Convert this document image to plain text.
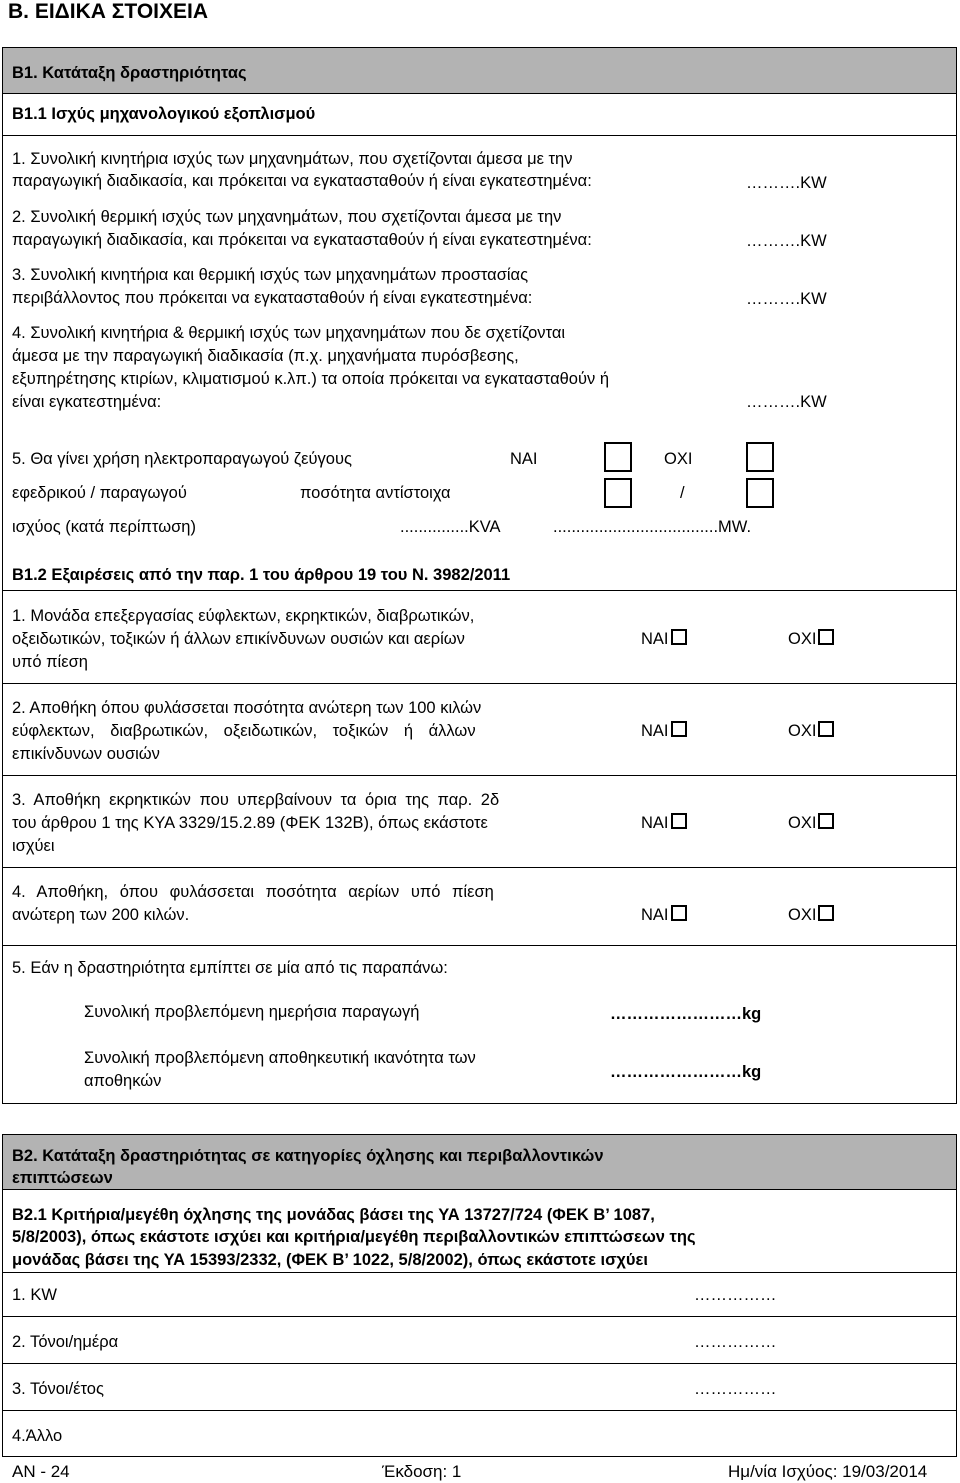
Β. ΕΙΔΙΚΑ ΣΤΟΙΧΕΙΑ
Β1. Κατάταξη δραστηριότητας
Β1.1 Ισχύς μηχανολογικού εξοπλισμού
1. Συνολική κινητήρια ισχύς των μηχανημάτων, που σχετίζονται άμεσα με την
παραγωγική διαδικασία, και πρόκειται να εγκατασταθούν ή είναι εγκατεστημένα:	……….KW
2. Συνολική θερμική ισχύς των μηχανημάτων, που σχετίζονται άμεσα με την
παραγωγική διαδικασία, και πρόκειται να εγκατασταθούν ή είναι εγκατεστημένα:	……….KW
3. Συνολική κινητήρια και θερμική ισχύς των μηχανημάτων προστασίας
περιβάλλοντος που πρόκειται να εγκατασταθούν ή είναι εγκατεστημένα:	……….KW
4. Συνολική κινητήρια & θερμική ισχύς των μηχανημάτων που δε σχετίζονται
άμεσα με την παραγωγική διαδικασία (π.χ. μηχανήματα πυρόσβεσης,
εξυπηρέτησης κτιρίων, κλιματισμού κ.λπ.) τα οποία πρόκειται να εγκατασταθούν ή
είναι εγκατεστημένα:	……….KW
5. Θα γίνει χρήση ηλεκτροπαραγωγού ζεύγους	ΝΑΙ	ΟΧΙ
εφεδρικού / παραγωγού	ποσότητα αντίστοιχα	/
ισχύος (κατά περίπτωση)	...............KVA	....................................MW.
Β1.2 Εξαιρέσεις από την παρ. 1 του άρθρου 19 του Ν. 3982/2011
1. Μονάδα επεξεργασίας εύφλεκτων, εκρηκτικών, διαβρωτικών,
οξειδωτικών, τοξικών ή άλλων επικίνδυνων ουσιών και αερίων
υπό πίεση
ΝΑΙ	ΟΧΙ
2. Αποθήκη όπου φυλάσσεται ποσότητα ανώτερη των 100 κιλών
εύφλεκτων, διαβρωτικών, οξειδωτικών, τοξικών ή άλλων
επικίνδυνων ουσιών
ΝΑΙ	ΟΧΙ
3. Αποθήκη εκρηκτικών που υπερβαίνουν τα όρια της παρ. 2δ
του άρθρου 1 της ΚΥΑ 3329/15.2.89 (ΦΕΚ 132Β), όπως εκάστοτε
ισχύει
ΝΑΙ	ΟΧΙ
4. Αποθήκη, όπου φυλάσσεται ποσότητα αερίων υπό πίεση
ανώτερη των 200 κιλών.	ΝΑΙ	ΟΧΙ
5. Εάν η δραστηριότητα εμπίπτει σε μία από τις παραπάνω:
Συνολική προβλεπόμενη ημερήσια παραγωγή	……………………kg
Συνολική προβλεπόμενη αποθηκευτική ικανότητα των
αποθηκών	……………………kg
Β2. Κατάταξη δραστηριότητας σε κατηγορίες όχλησης και περιβαλλοντικών
επιπτώσεων
Β2.1 Κριτήρια/μεγέθη όχλησης της μονάδας βάσει της ΥΑ 13727/724 (ΦΕΚ Β’ 1087,
5/8/2003), όπως εκάστοτε ισχύει και κριτήρια/μεγέθη περιβαλλοντικών επιπτώσεων της
μονάδας βάσει της ΥΑ 15393/2332, (ΦΕΚ Β’ 1022, 5/8/2002), όπως εκάστοτε ισχύει
1. KW	……………
2. Τόνοι/ημέρα	……………
3. Τόνοι/έτος	……………
4.Άλλο
ΑΝ - 24	Έκδοση: 1	Ημ/νία Ισχύος: 19/03/2014
